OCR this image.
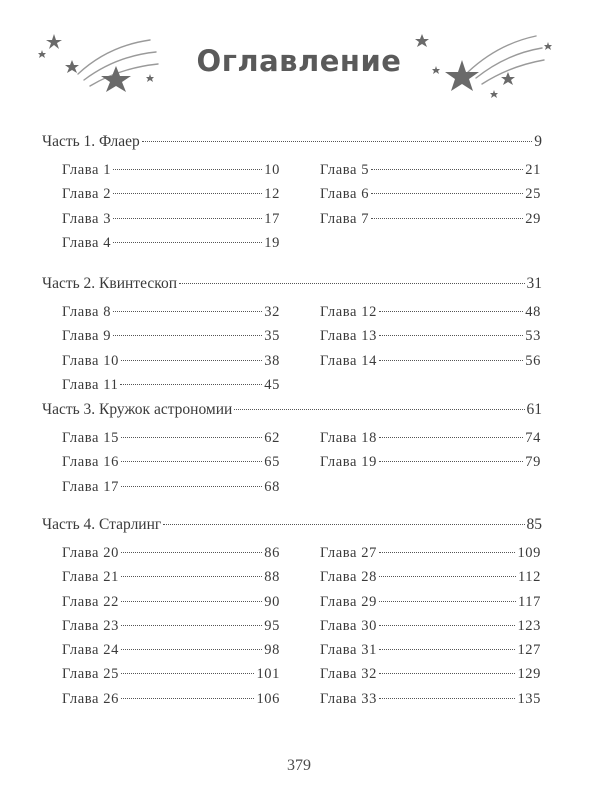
Оглавление
Часть 1. Флаер	9
Глава 1	10
Глава 2	12
Глава 3	17
Глава 4	19
Глава 5	21
Глава 6	25
Глава 7	29
Часть 2. Квинтескоп	31
Глава 8	32
Глава 9	35
Глава 10	38
Глава 11	45
Глава 12	48
Глава 13	53
Глава 14	56
Часть 3. Кружок астрономии	61
Глава 15	62
Глава 16	65
Глава 17	68
Глава 18	74
Глава 19	79
Часть 4. Старлинг	85
Глава 20	86
Глава 21	88
Глава 22	90
Глава 23	95
Глава 24	98
Глава 25	101
Глава 26	106
Глава 27	109
Глава 28	112
Глава 29	117
Глава 30	123
Глава 31	127
Глава 32	129
Глава 33	135
379
